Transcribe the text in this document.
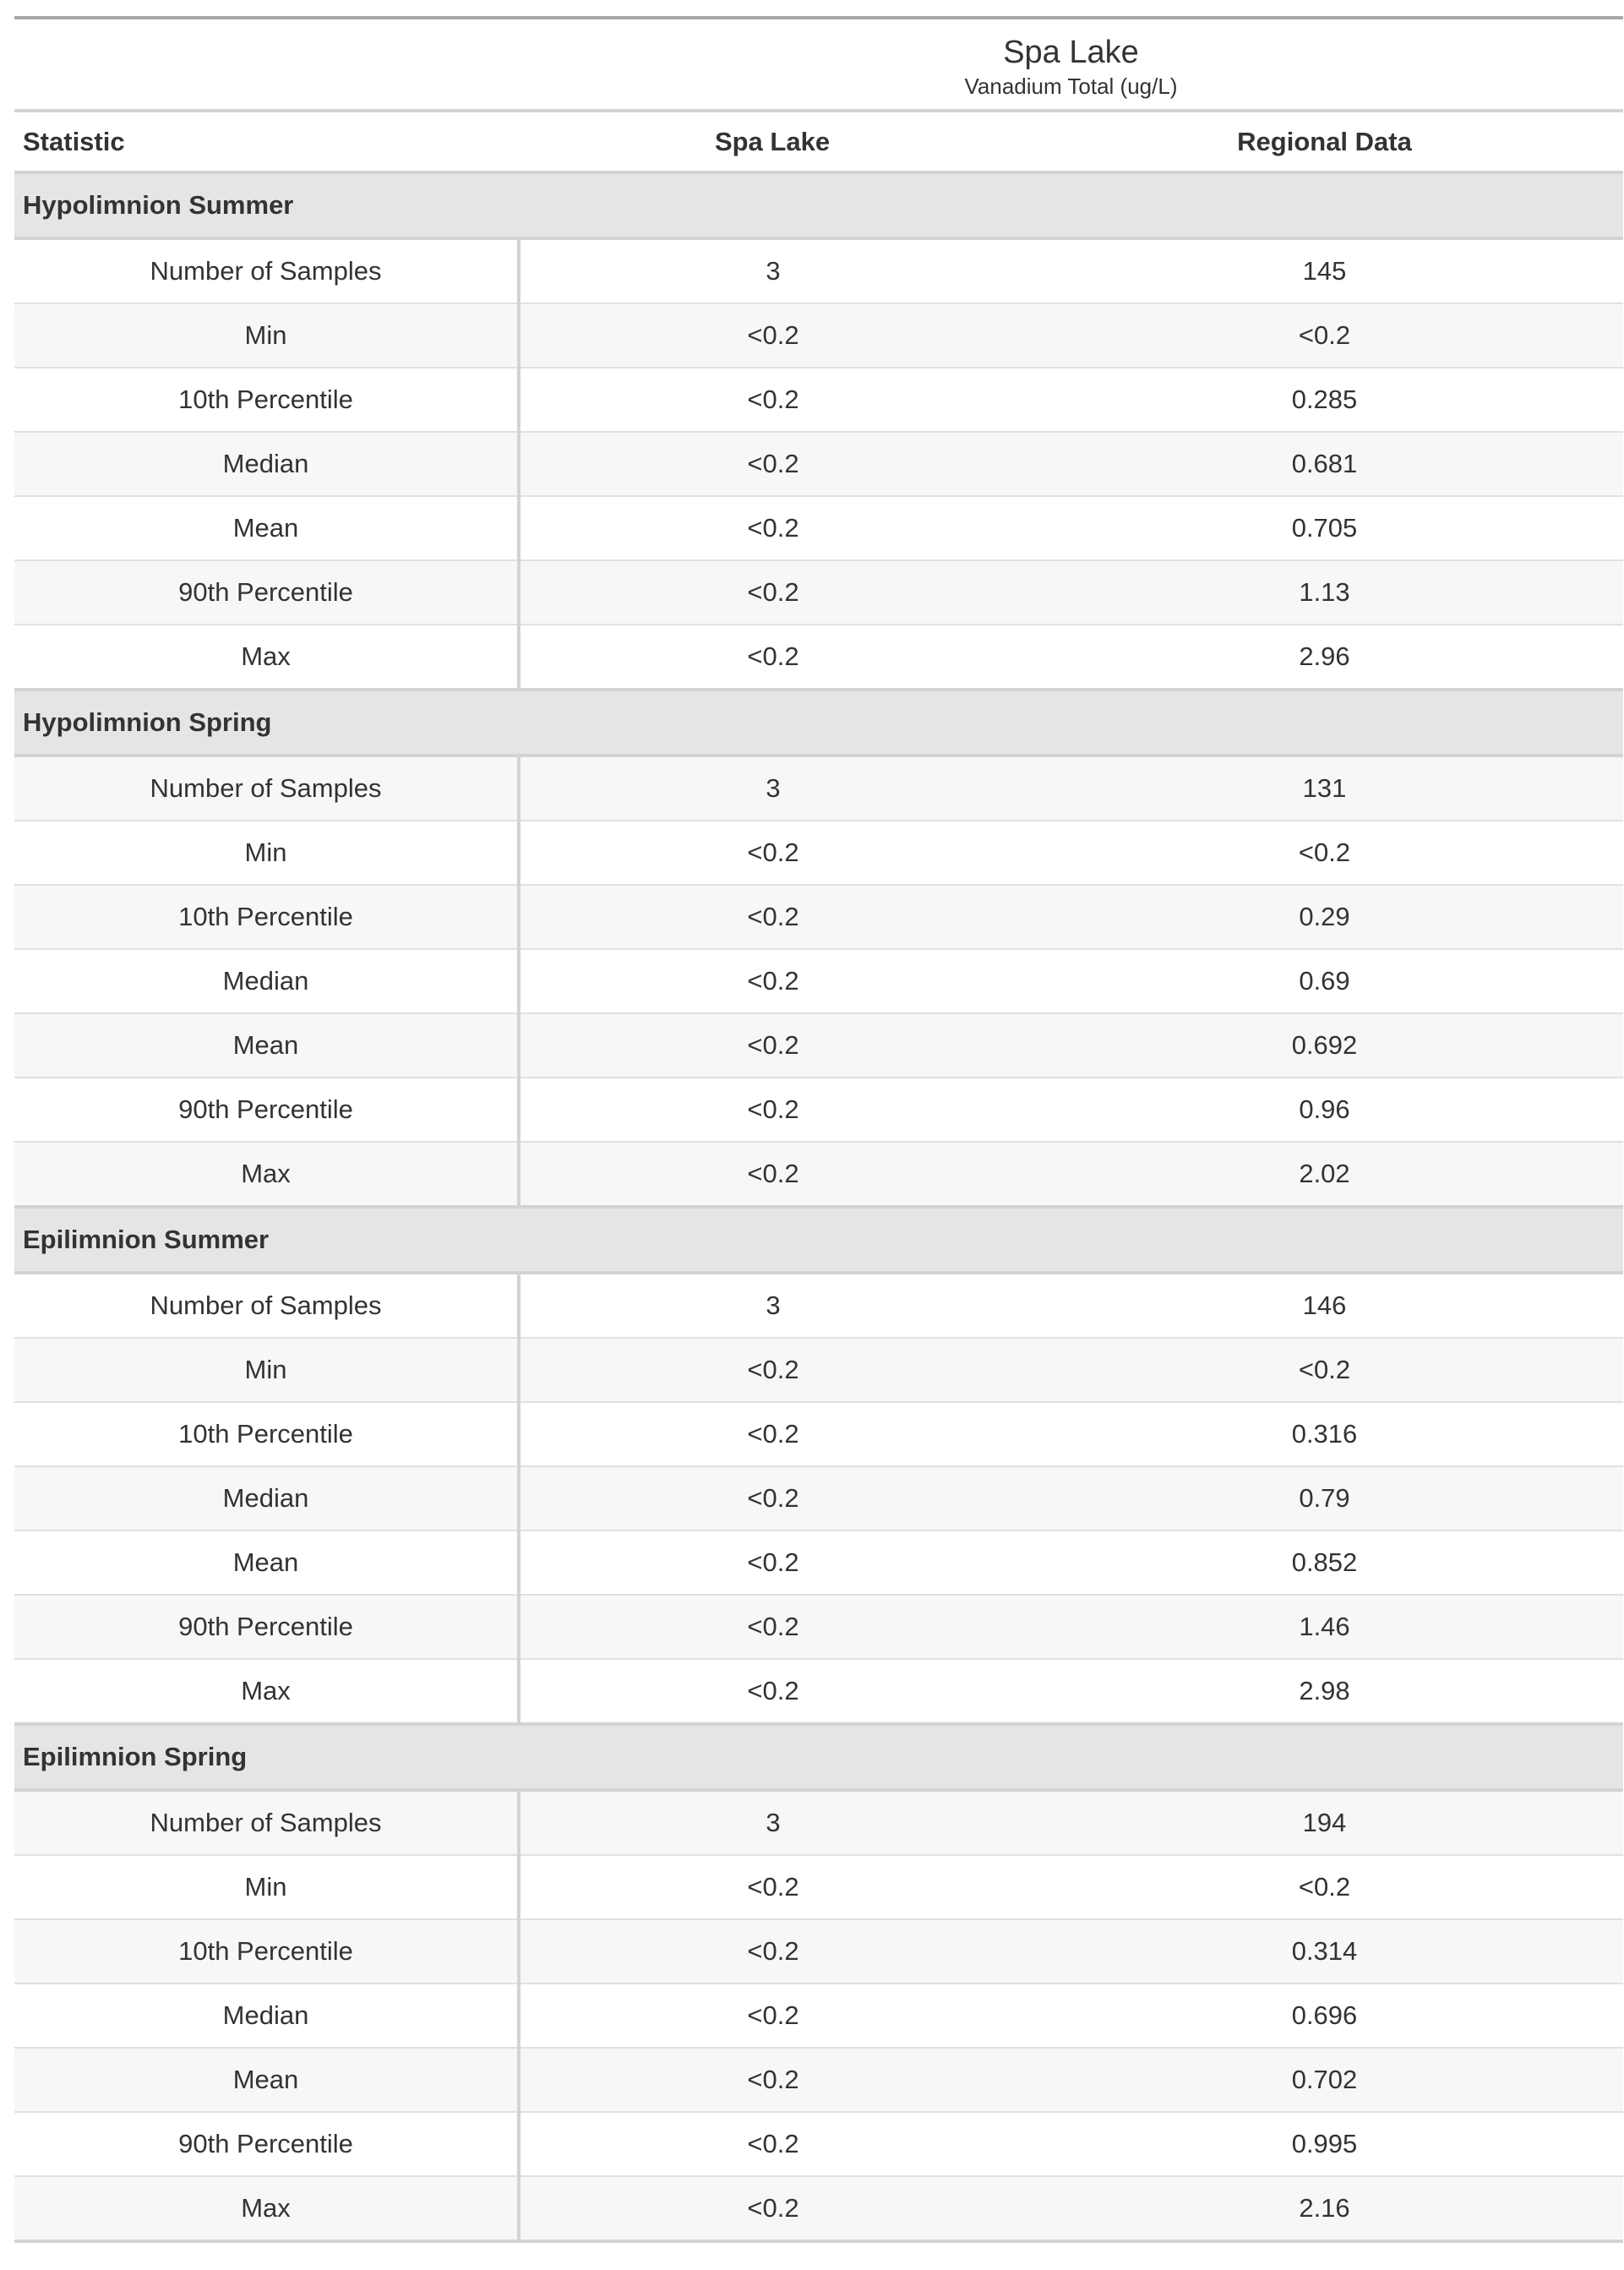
	Spa Lake
Vanadium Total (ug/L)	

Statistic	Spa Lake	Regional Data
Hypolimnion Summer		
Number of Samples	3	145
Min	<0.2	<0.2
10th Percentile	<0.2	0.285
Median	<0.2	0.681
Mean	<0.2	0.705
90th Percentile	<0.2	1.13
Max	<0.2	2.96
Hypolimnion Spring		
Number of Samples	3	131
Min	<0.2	<0.2
10th Percentile	<0.2	0.29
Median	<0.2	0.69
Mean	<0.2	0.692
90th Percentile	<0.2	0.96
Max	<0.2	2.02
Epilimnion Summer		
Number of Samples	3	146
Min	<0.2	<0.2
10th Percentile	<0.2	0.316
Median	<0.2	0.79
Mean	<0.2	0.852
90th Percentile	<0.2	1.46
Max	<0.2	2.98
Epilimnion Spring		
Number of Samples	3	194
Min	<0.2	<0.2
10th Percentile	<0.2	0.314
Median	<0.2	0.696
Mean	<0.2	0.702
90th Percentile	<0.2	0.995
Max	<0.2	2.16
